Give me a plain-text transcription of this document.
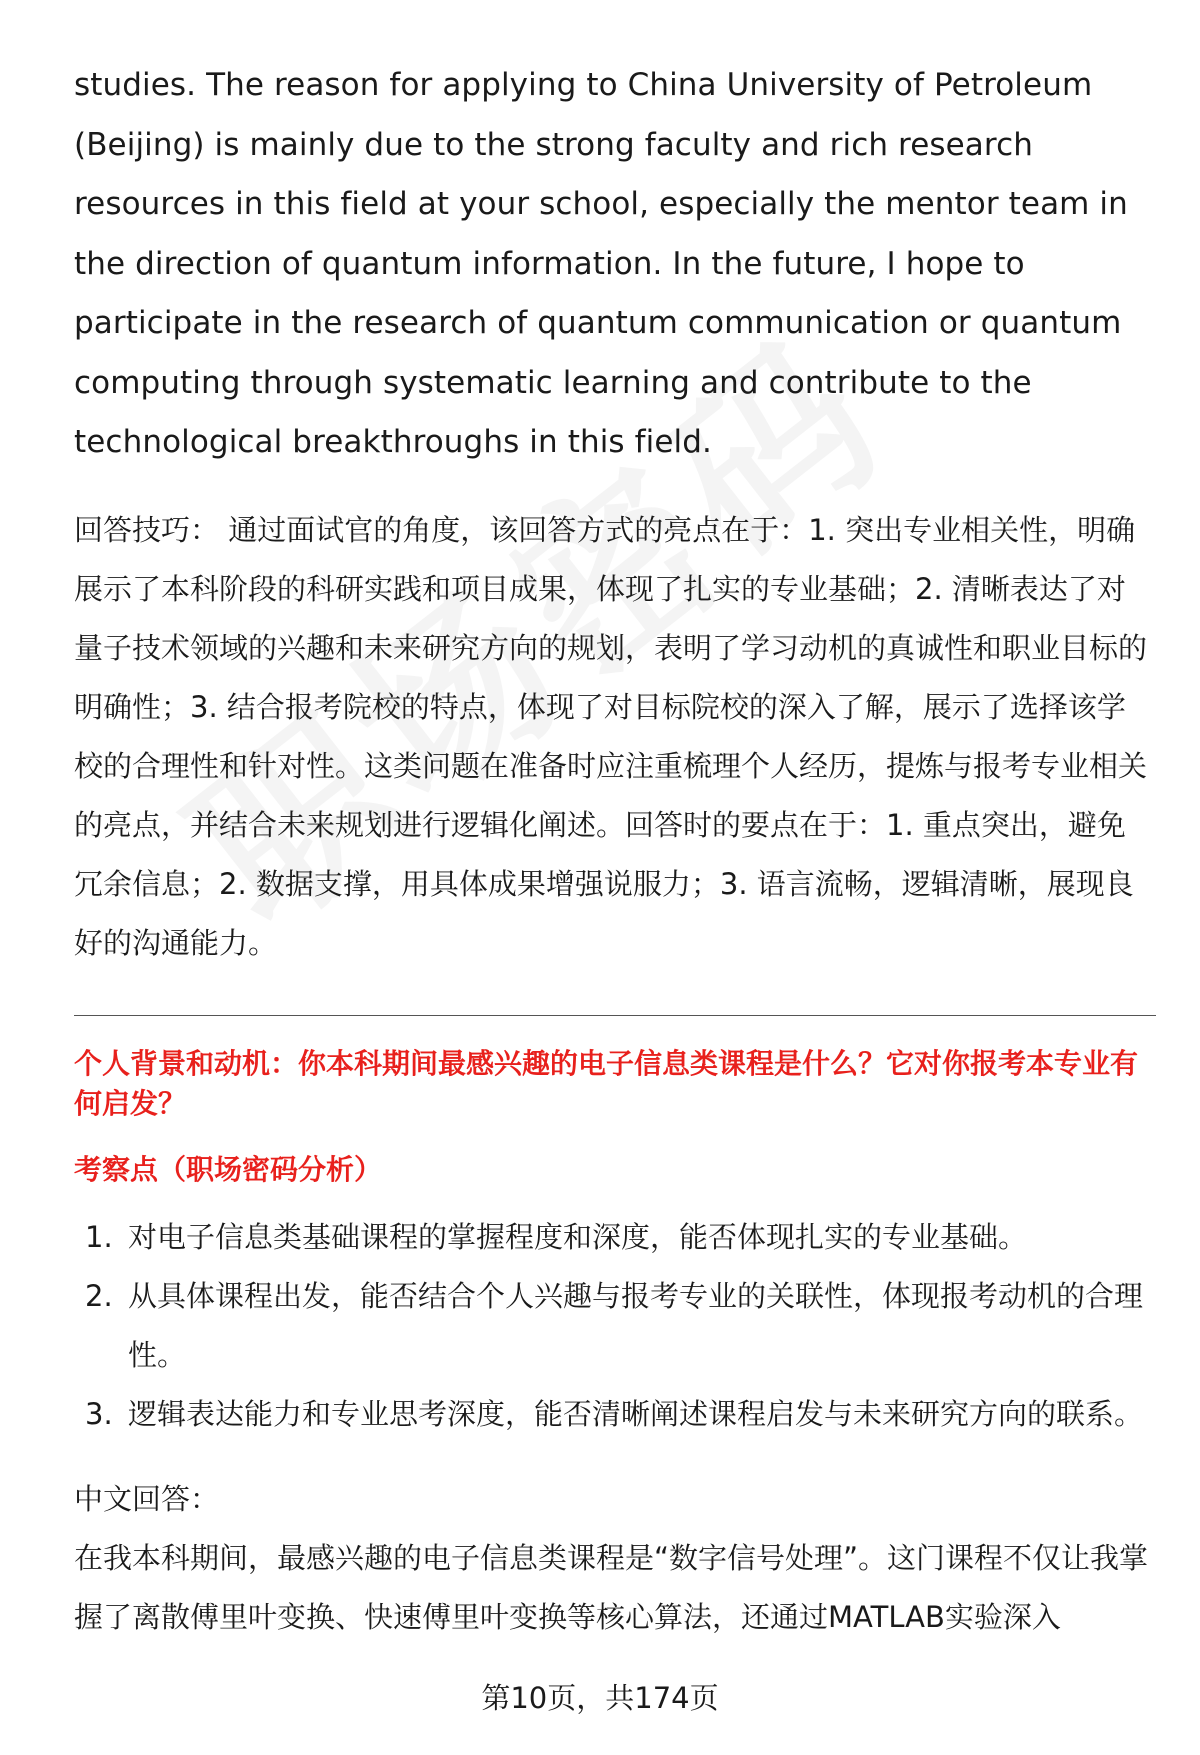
studies. The reason for applying to China University of Petroleum (Beijing) is mainly due to the strong faculty and rich research resources in this field at your school, especially the mentor team in the direction of quantum information. In the future, I hope to participate in the research of quantum communication or quantum computing through systematic learning and contribute to the technological breakthroughs in this field.

回答技巧： 通过面试官的角度，该回答方式的亮点在于：1. 突出专业相关性，明确展示了本科阶段的科研实践和项目成果，体现了扎实的专业基础；2. 清晰表达了对量子技术领域的兴趣和未来研究方向的规划，表明了学习动机的真诚性和职业目标的明确性；3. 结合报考院校的特点，体现了对目标院校的深入了解，展示了选择该学校的合理性和针对性。这类问题在准备时应注重梳理个人经历，提炼与报考专业相关的亮点，并结合未来规划进行逻辑化阐述。回答时的要点在于：1. 重点突出，避免冗余信息；2. 数据支撑，用具体成果增强说服力；3. 语言流畅，逻辑清晰，展现良好的沟通能力。

个人背景和动机：你本科期间最感兴趣的电子信息类课程是什么？它对你报考本专业有何启发？

考察点（职场密码分析）

1. 对电子信息类基础课程的掌握程度和深度，能否体现扎实的专业基础。
2. 从具体课程出发，能否结合个人兴趣与报考专业的关联性，体现报考动机的合理性。
3. 逻辑表达能力和专业思考深度，能否清晰阐述课程启发与未来研究方向的联系。

中文回答：

在我本科期间，最感兴趣的电子信息类课程是“数字信号处理”。这门课程不仅让我掌握了离散傅里叶变换、快速傅里叶变换等核心算法，还通过MATLAB实验深入

第10页，共174页
